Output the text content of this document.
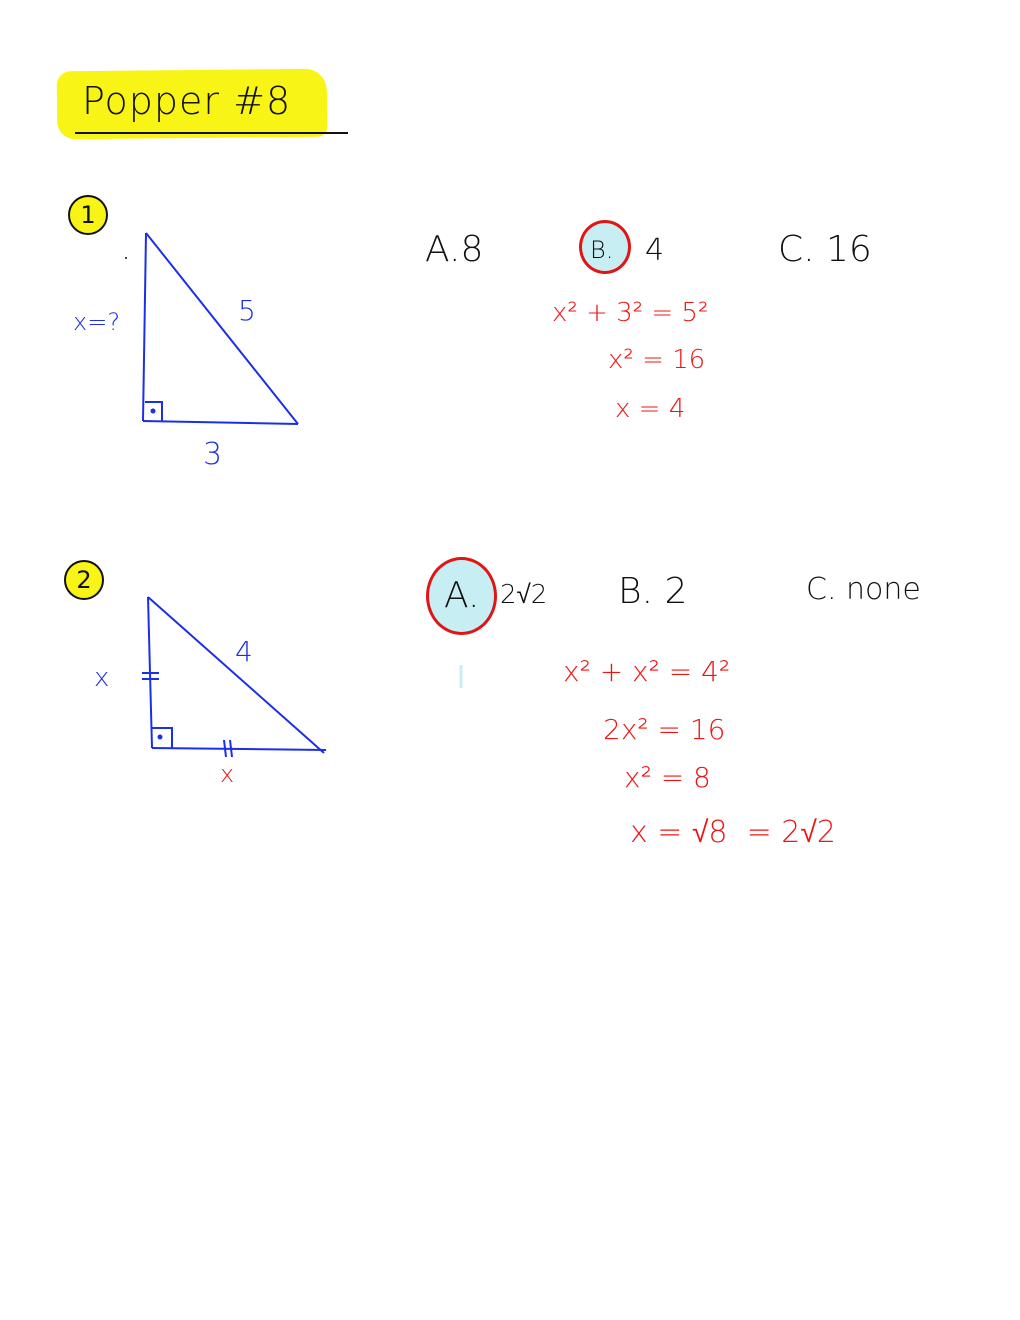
Popper #8
1
x=?	5
3
A.8	B. 4	C. 16
x² + 3² = 5²
x² = 16
x = 4
2
x
4
x
A. 2√2 B. 2	C. none
x² + x² = 4²
2x² = 16
x² = 8
x = √8  = 2√2
